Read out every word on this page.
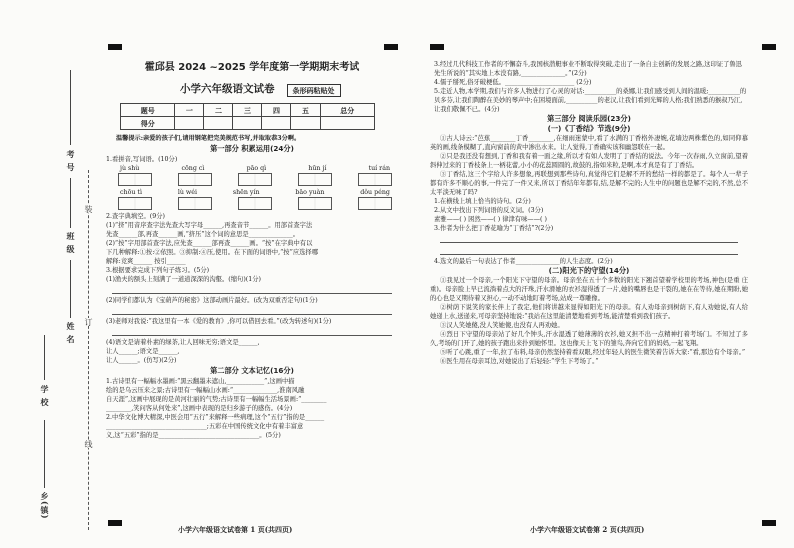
考 号
班 级
姓 名
学 校
乡(镇)
装
订
线
霍邱县 2024 ~2025 学年度第一学期期末考试
小学六年级语文试卷	条形码粘贴处
题号	一	二	三	四	五	总分
得分						
温馨提示:亲爱的孩子们,请用钢笔把完美规范书写,并取取恭3分啊。
第一部分 积累运用(24分)
1.看拼音,写词语。(10分)
jù shù	cōnɡ cì	pāo qì	hūn jí	tuí rán
chōu tì	lù wéi	shēn yín	bāo yuàn	dǒu péng
2.查字典填空。(9分)
(1)“挤”用音序查字法先查大写字母______,再查音节______。用部首查字法
先查______部,再查______画,“挤压”这个词的意思是______________。
(2)“按”字用部首查字法,应先查______部再查______画。“按”在字典中有以
下几种解释:①按:②依照。③抑制:④压,使用。在下面的词语中,“按”应选择哪
解释:竞爽______ 按引______
3.根据要求完成下列句子练习。(5分)
(1)渔夫的额头上刻满了一道道深深的沟壑。(缩句)(1分)
(2)同学们都认为《宝葫芦的秘密》这部动画片最好。(改为双重否定句)(1分)
(3)老师对我说:“我这里有一本《爱的教育》,你可以借回去看。”(改为转述句)(1分)
(4)语文是请着朴素的绿茶,让人回味无穷;语文是______,
让人______;语文是______,
让人______。(仿写)(2分)
第二部分 文本记忆(16分)
1.古诗里有一幅幅水墨画:“黑云翻墨未遮山,____________”,这画中描
绘的是乌云压来之景;古诗里有一幅幅山水画:“______________,淮南风融
自天涯”,这画中展现的是黄河壮丽的气势;古诗里有一幅幅生活场景画:“________
________,笑问客从何处来”,这画中表现的是归乡游子的感伤。(4分)
2.中华文化博大精深,中医会用“五行”来解释一些病理,这个“五行”指的是______
________________________________;五彩在中国传统文化中有着丰富意
义,这“五彩”指的是________________________________。(5分)
小学六年级语文试卷第 1 页(共四页)
3.经过几代科技工作者的不懈奋斗,我国核潜艇事业不断取得突破,走出了一条自主创新的发展之路,这印证了鲁迅先生所说的“其实地上本没有路,______________。”(2分)
4.儒子掰死,俗牙破梗低。______________________ (2分)
5.走近人物,本学期,我们与许多人物进行了心灵的对话:__________的桑娜,让我们感受到人间的温暖;__________的贝多芬,让我们陶醉在美妙的琴声中;在困境面前,__________的老汉,让我们看到光辉的人格;我们熟悉的猴叔乃江,让我们敬佩不已。(4分)
第三部分 阅读乐园(23分)
(一)《丁香结》节选(9分)
①古人诗云:“芭蕉________丁香________,在细雨迷蒙中,看了水满的丁香格外凄婉,花墙边两株紫色的,如同仰慕英的画,线条模糊了,直向窗前的黄中渗出水来。让人觉得,丁香确实该和幽怨联在一起。
②只是我还没有想到,丁香和我有着一面之缘,所以才有如人发明了丁香结的说法。今年一次春雨,久立窗前,望着斜伸过来的丁香枝条上一柄花蕾,小小的花蕊圆圆的,故鼓的,指如米粒,是啊,本才真是有了丁香结。
③丁香结,这三个字给人许多想象,再联想到那些诗句,真觉得它们是解不开的愁结一样的都是了。每个人一辈子都有许多不顺心的事,一件完了一件又来,所以丁香结年年都有,结,是解不完的;人生中的问题也是解不完的,不然,总不太平淡无味了吗?
1.在横线上填上恰当的诗句。(2分)
2.从文中找出下列词语的反义词。(3分)
素雅——( ) 困然——( ) 律津有味——( )
3.作者为什么把丁香花喻为“丁香结”?(2分)
4.选文的最后一句表达了作者______________的人生态度。(2分)
(二)阳光下的守望(14分)
①我见过一个母亲,一个阳光下守望的母亲。母亲坐在五十个多数的阳光下翘首望着学校里的考场,神色(是重 庄重)。母亲脸上早已流淌着点大的汗珠,汗水滑她的衣衫湿得透了一片,她的嘴唇也是干裂的,她在在等待,她在期盼,她的心也是又期待着又担心,一动不动地盯着考场,站成一尊雕像。
②树荫下说笑的家长伴上了我定,他们将讲越来显得如阳光下的母亲。有人劝母亲到树荫下,有人劝她说,有人给她递上水,送递来,可母亲坚持地说:“我站在这里能清楚地看到考场,能清楚看到我们孩子。
③汉人笑她傻,没人笑她傻,也没有人再劝她。
④烈日下守望的母亲站了好几个钟头,汗水湿透了她薄薄的衣衫,她又担不出一点精神打着考场门。不知过了多久,考场的门开了,她的孩子跑出来扑到她怀里。这也像天上飞下的雏鸟,奔向它们的妈妈,一起飞翔。
⑤听了心跳,重了一年,拉了布料,母亲仍然坚持着看双眼,经过年轻人的医生微笑着告诉大家:“看,那边有个母亲。”
⑥医生用在母亲耳边,对她说出了后轻轻:“学生下考场了。”
小学六年级语文试卷第 2 页(共四页)
